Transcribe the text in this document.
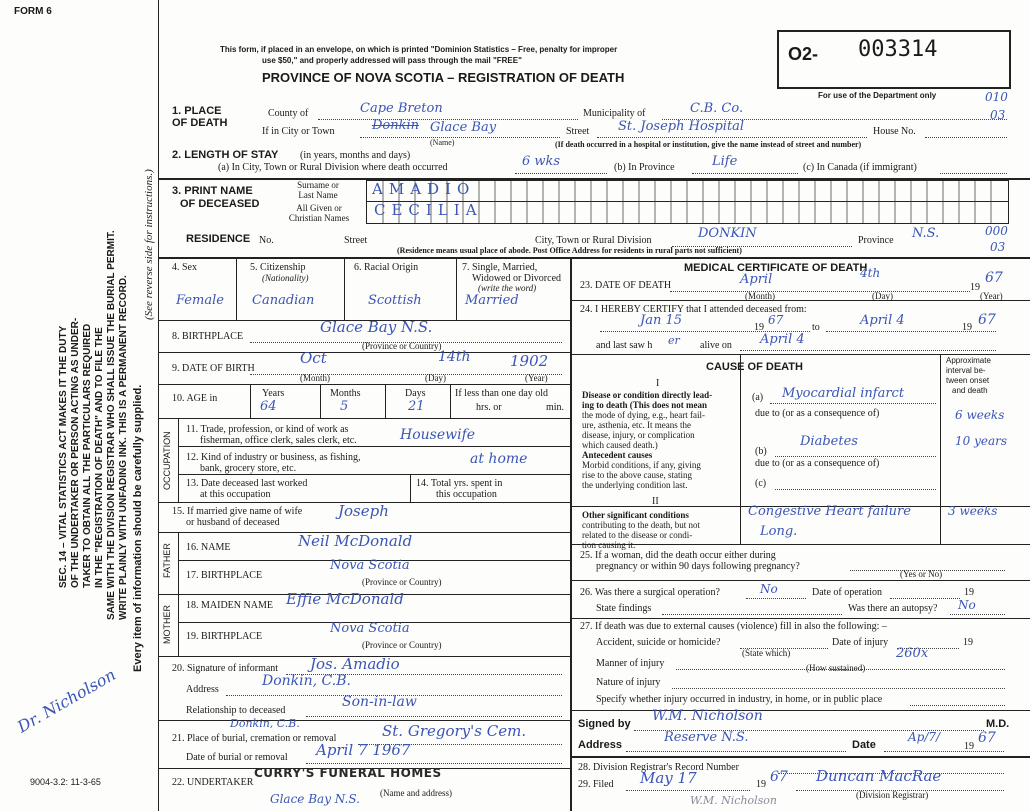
FORM 6
This form, if placed in an envelope, on which is printed "Dominion Statistics – Free, penalty for improper
use $50," and properly addressed will pass through the mail "FREE"
PROVINCE OF NOVA SCOTIA – REGISTRATION OF DEATH
O2- 003314
For use of the Department only	010
03
SEC. 14 – VITAL STATISTICS ACT MAKES IT THE DUTY OF THE UNDERTAKER OR PERSON ACTING AS UNDER- TAKER TO OBTAIN ALL THE PARTICULARS REQUIRED IN THE "REGISTRATION OF DEATH" AND TO FILE THE SAME WITH THE DIVISION REGISTRAR WHO SHALL ISSUE THE BURIAL PERMIT. WRITE PLAINLY WITH UNFADING INK. THIS IS A PERMANENT RECORD. Every item of information should be carefully supplied.
(See reverse side for instructions.)
Dr. Nicholson
1. PLACE OF DEATH
County of	Cape Breton	Municipality of	C.B. Co.
If in City or Town	Donkin Glace Bay
(Name)
Street St. Joseph Hospital	House No.
(If death occurred in a hospital or institution, give the name instead of street and number)
2. LENGTH OF STAY (in years, months and days)
(a) In City, Town or Rural Division where death occurred	6 wks	(b) In Province	Life	(c) In Canada (if immigrant)
3. PRINT NAME
OF DECEASED
Surname or
Last Name
All Given or
Christian Names
AMADIO
CECILIA
RESIDENCE No.	Street	City, Town or Rural Division	DONKIN	Province N.S.	000
03
(Residence means usual place of abode. Post Office Address for residents in rural parts not sufficient)
4. Sex
Female
5. Citizenship
(Nationality)
Canadian
6. Racial Origin
Scottish
7. Single, Married,
Widowed or Divorced
(write the word)
Married
8. BIRTHPLACE
Glace Bay N.S.
(Province or Country)
9. DATE OF BIRTH
Oct	14th	1902
(Month)	(Day)	(Year)
10. AGE in	Years
64
Months
5
Days
21
If less than one day old
hrs. or	min.
OCCUPATION
11. Trade, profession, or kind of work as
fisherman, office clerk, sales clerk, etc.	Housewife
12. Kind of industry or business, as fishing,
bank, grocery store, etc.
at home
13. Date deceased last worked
at this occupation
14. Total yrs. spent in
this occupation
15. If married give name of wife
or husband of deceased
Joseph
FATHER 16. NAME	Neil McDonald
17. BIRTHPLACE
Nova Scotia
(Province or Country)
MOTHER 18. MAIDEN NAME Effie McDonald
19. BIRTHPLACE
Nova Scotia
(Province or Country)
20. Signature of informant Jos. Amadio
Address
Donkin, C.B.
Relationship to deceased
Son-in-law
21. Place of burial, cremation or removal
Donkin, C.B.	St. Gregory's Cem.
Date of burial or removal April 7 1967
22. UNDERTAKER
CURRY'S FUNERAL HOMES
Glace Bay N.S. (Name and address)
9004-3.2: 11-3-65
MEDICAL CERTIFICATE OF DEATH
23. DATE OF DEATH	April	4th
19
67
(Month)	(Day)	(Year)
24. I HEREBY CERTIFY that I attended deceased from:
Jan 15	19
67
to	April 4	19 67
and last saw h er alive on April 4
CAUSE OF DEATH
Approximate
interval be-
tween onset
and death
I
Disease or condition directly lead-
ing to death (This does not mean
the mode of dying, e.g., heart fail-
ure, asthenia, etc. It means the
disease, injury, or complication
which caused death.)
(a) Myocardial infarct
6 weeks
due to (or as a consequence of)
Antecedent causes
Morbid conditions, if any, giving
rise to the above cause, stating
the underlying condition last.
(b)
Diabetes	10 years
due to (or as a consequence of)
(c)
II
Other significant conditions
contributing to the death, but not
related to the disease or condi-
tion causing it.
Congestive Heart failure
Long.
3 weeks
25. If a woman, did the death occur either during
pregnancy or within 90 days following pregnancy?
(Yes or No)
26. Was there a surgical operation?	No	Date of operation	19
State findings	Was there an autopsy? No
27. If death was due to external causes (violence) fill in also the following: –
Accident, suicide or homicide?
(State which)
Date of injury	19
260x
Manner of injury	(How sustained)
Nature of injury
Specify whether injury occurred in industry, in home, or in public place
Signed by W.M. Nicholson	M.D.
Address	Reserve N.S.	Date
Ap/7/
19
67
28. Division Registrar's Record Number
29. Filed May 17	19 67 Duncan MacRae
(Division Registrar)
W.M. Nicholson
